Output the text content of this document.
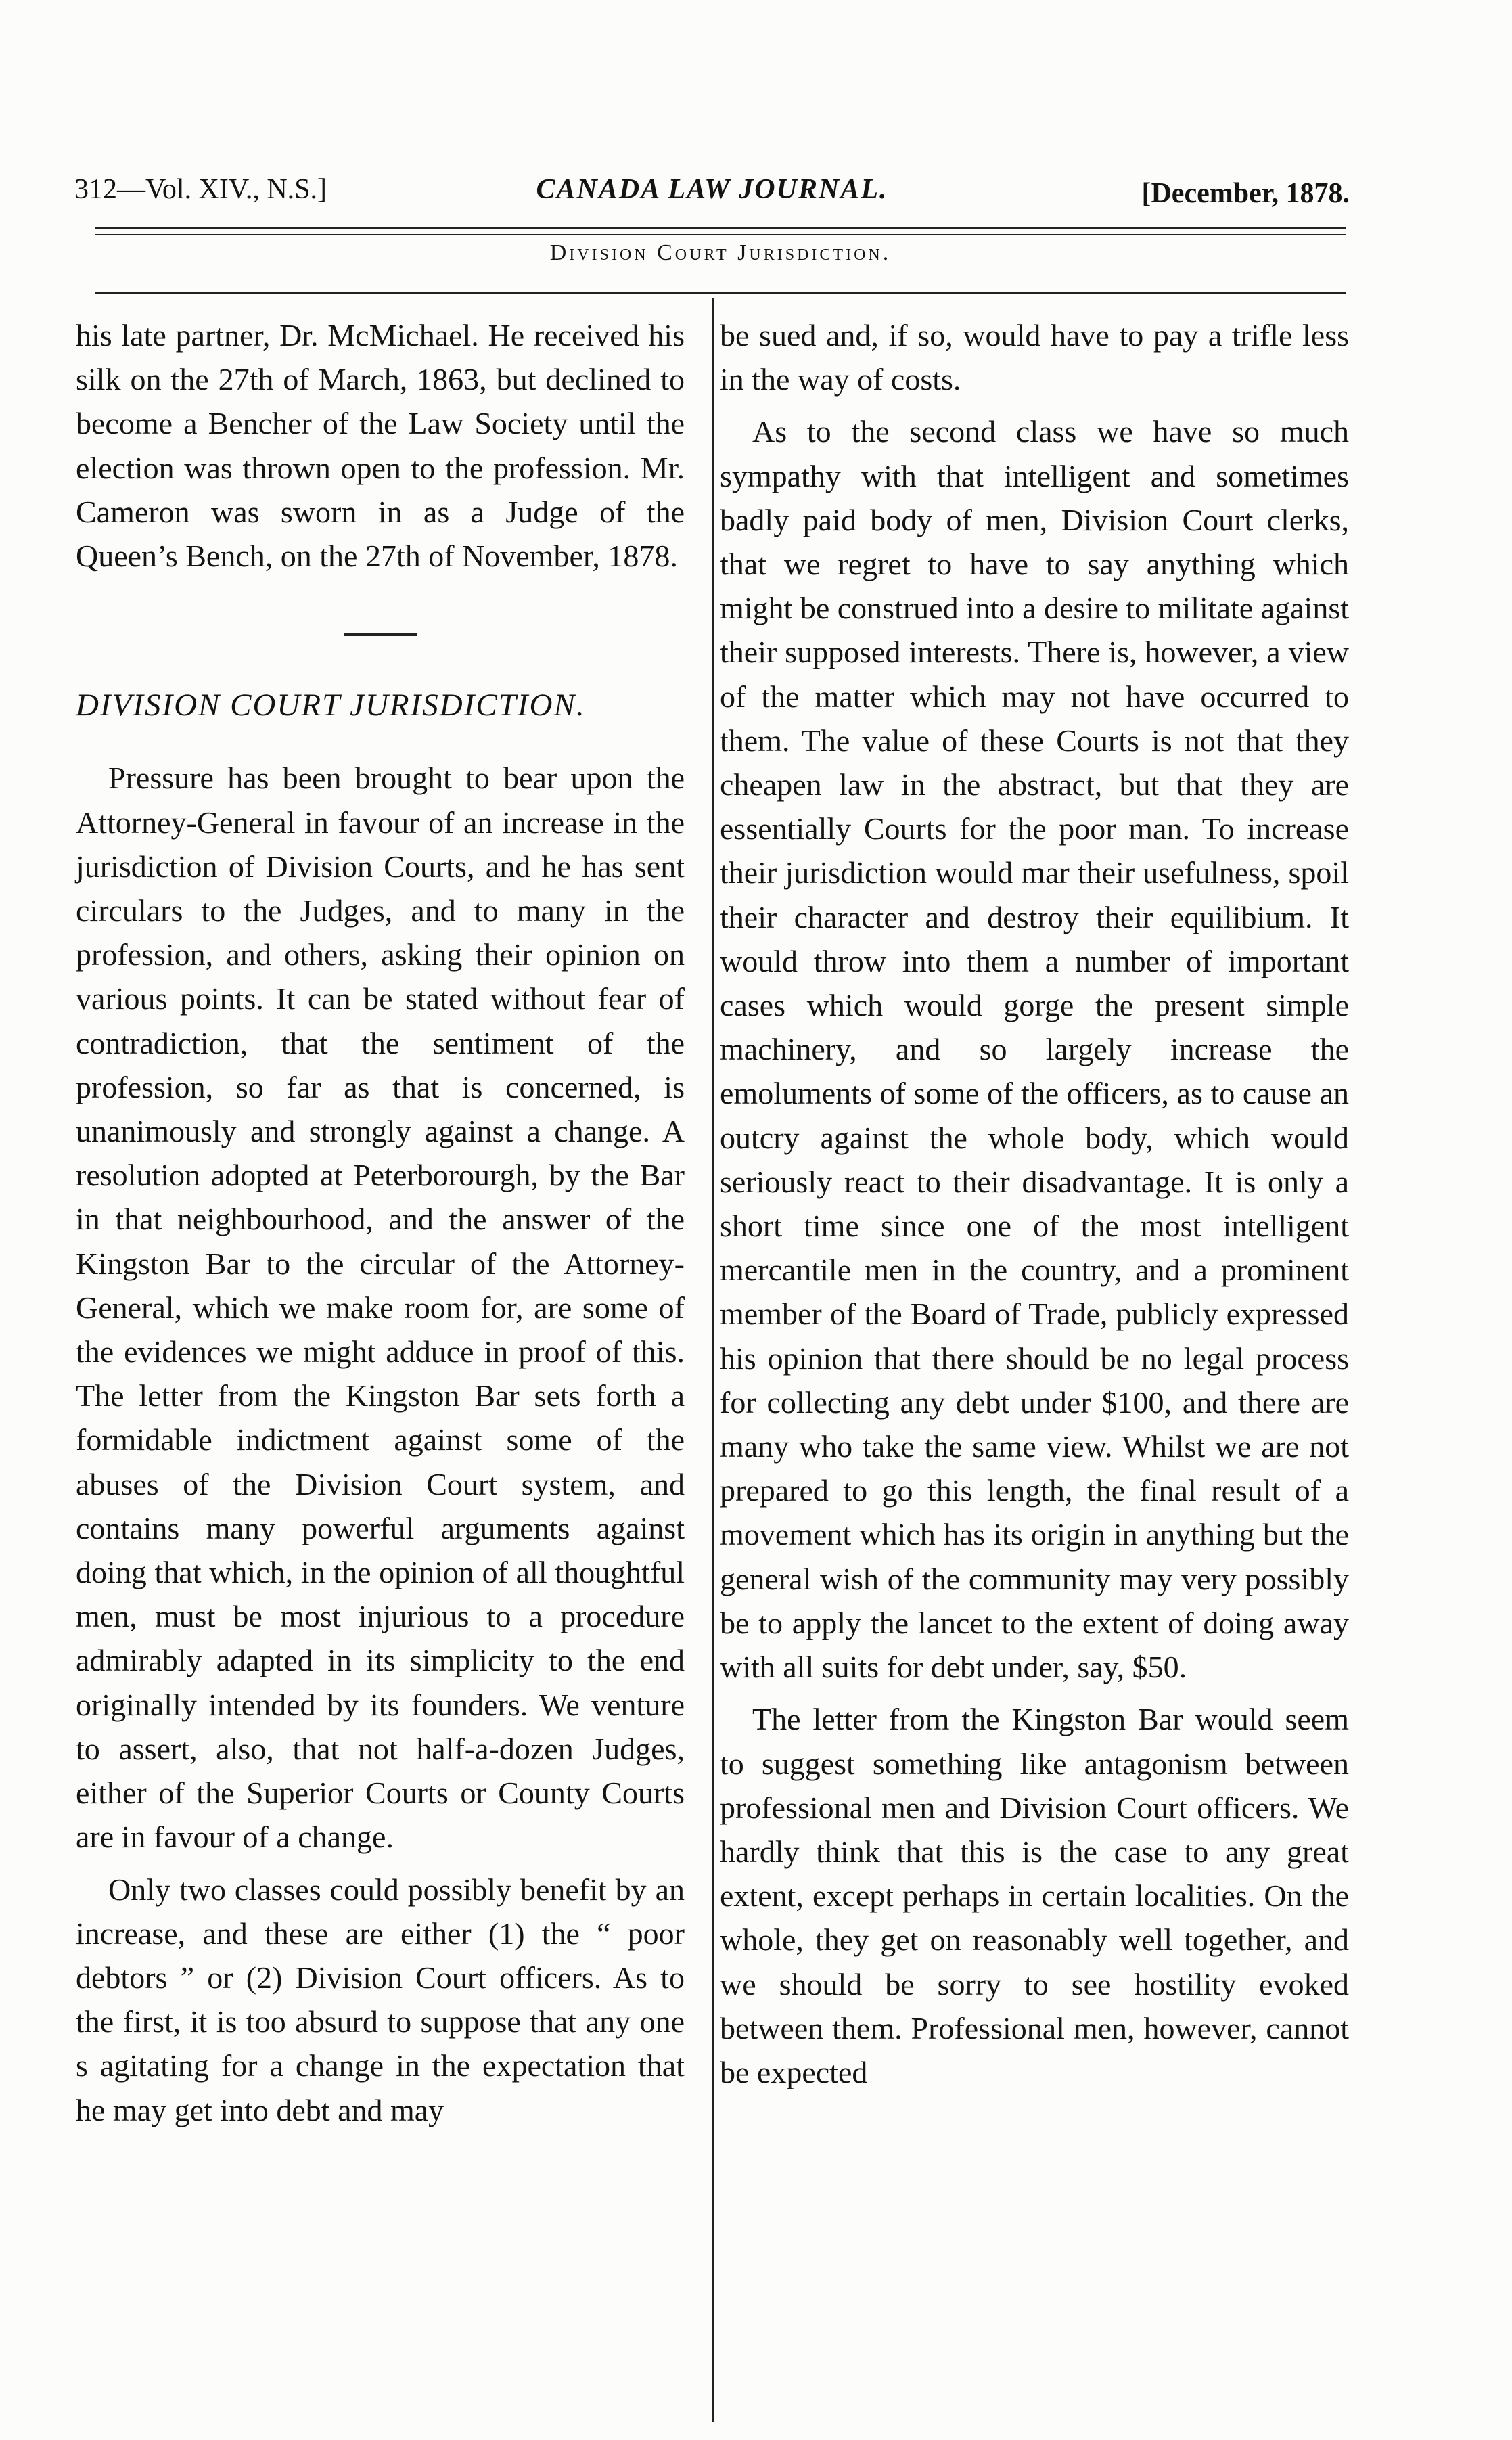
312—Vol. XIV., N.S.]	CANADA LAW JOURNAL.	[December, 1878.
Division Court Jurisdiction.

his late partner, Dr. McMichael. He received his silk on the 27th of March, 1863, but declined to become a Bencher of the Law Society until the election was thrown open to the profession. Mr. Cameron was sworn in as a Judge of the Queen’s Bench, on the 27th of November, 1878.

DIVISION COURT JURISDICTION.

Pressure has been brought to bear upon the Attorney-General in favour of an increase in the jurisdiction of Division Courts, and he has sent circulars to the Judges, and to many in the profession, and others, asking their opinion on various points. It can be stated without fear of contradiction, that the sentiment of the profession, so far as that is concerned, is unanimously and strongly against a change. A resolution adopted at Peterborourgh, by the Bar in that neighbourhood, and the answer of the Kingston Bar to the circular of the Attorney-General, which we make room for, are some of the evidences we might adduce in proof of this. The letter from the Kingston Bar sets forth a formidable indictment against some of the abuses of the Division Court system, and contains many powerful arguments against doing that which, in the opinion of all thoughtful men, must be most injurious to a procedure admirably adapted in its simplicity to the end originally intended by its founders. We venture to assert, also, that not half-a-dozen Judges, either of the Superior Courts or County Courts are in favour of a change.

Only two classes could possibly benefit by an increase, and these are either (1) the “ poor debtors ” or (2) Division Court officers. As to the first, it is too absurd to suppose that any one s agitating for a change in the expectation that he may get into debt and may

be sued and, if so, would have to pay a trifle less in the way of costs.

As to the second class we have so much sympathy with that intelligent and sometimes badly paid body of men, Division Court clerks, that we regret to have to say anything which might be construed into a desire to militate against their supposed interests. There is, however, a view of the matter which may not have occurred to them. The value of these Courts is not that they cheapen law in the abstract, but that they are essentially Courts for the poor man. To increase their jurisdiction would mar their usefulness, spoil their character and destroy their equilibium. It would throw into them a number of important cases which would gorge the present simple machinery, and so largely increase the emoluments of some of the officers, as to cause an outcry against the whole body, which would seriously react to their disadvantage. It is only a short time since one of the most intelligent mercantile men in the country, and a prominent member of the Board of Trade, publicly expressed his opinion that there should be no legal process for collecting any debt under $100, and there are many who take the same view. Whilst we are not prepared to go this length, the final result of a movement which has its origin in anything but the general wish of the community may very possibly be to apply the lancet to the extent of doing away with all suits for debt under, say, $50.

The letter from the Kingston Bar would seem to suggest something like antagonism between professional men and Division Court officers. We hardly think that this is the case to any great extent, except perhaps in certain localities. On the whole, they get on reasonably well together, and we should be sorry to see hostility evoked between them. Professional men, however, cannot be expected
